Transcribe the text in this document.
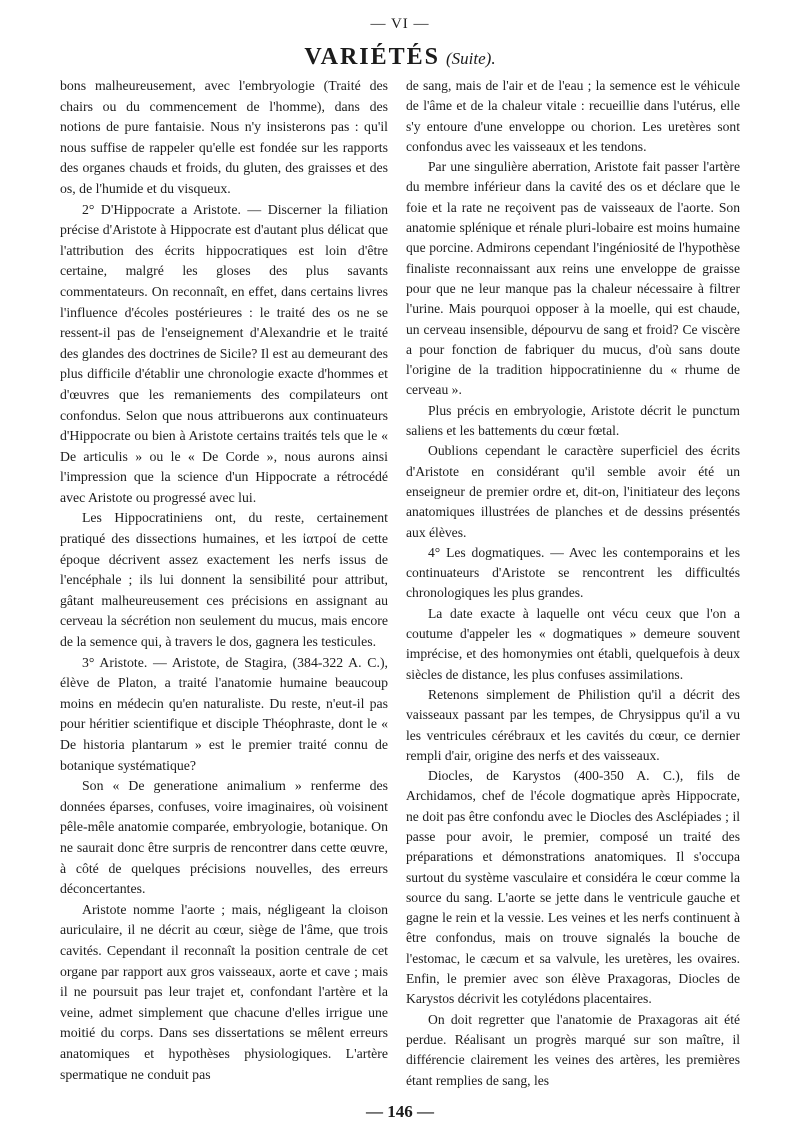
— VI —
VARIÉTÉS (Suite).

bons malheureusement, avec l'embryologie (Traité des chairs ou du commencement de l'homme), dans des notions de pure fantaisie. Nous n'y insisterons pas : qu'il nous suffise de rappeler qu'elle est fondée sur les rapports des organes chauds et froids, du gluten, des graisses et des os, de l'humide et du visqueux.

2° D'Hippocrate a Aristote. — Discerner la filiation précise d'Aristote à Hippocrate est d'autant plus délicat que l'attribution des écrits hippocratiques est loin d'être certaine, malgré les gloses des plus savants commentateurs. On reconnaît, en effet, dans certains livres l'influence d'écoles postérieures : le traité des os ne se ressent-il pas de l'enseignement d'Alexandrie et le traité des glandes des doctrines de Sicile? Il est au demeurant des plus difficile d'établir une chronologie exacte d'hommes et d'œuvres que les remaniements des compilateurs ont confondus. Selon que nous attribuerons aux continuateurs d'Hippocrate ou bien à Aristote certains traités tels que le « De articulis » ou le « De Corde », nous aurons ainsi l'impression que la science d'un Hippocrate a rétrocédé avec Aristote ou progressé avec lui.

Les Hippocratiniens ont, du reste, certainement pratiqué des dissections humaines, et les ἰατροί de cette époque décrivent assez exactement les nerfs issus de l'encéphale ; ils lui donnent la sensibilité pour attribut, gâtant malheureusement ces précisions en assignant au cerveau la sécrétion non seulement du mucus, mais encore de la semence qui, à travers le dos, gagnera les testicules.

3° Aristote. — Aristote, de Stagira, (384-322 A. C.), élève de Platon, a traité l'anatomie humaine beaucoup moins en médecin qu'en naturaliste. Du reste, n'eut-il pas pour héritier scientifique et disciple Théophraste, dont le « De historia plantarum » est le premier traité connu de botanique systématique?

Son « De generatione animalium » renferme des données éparses, confuses, voire imaginaires, où voisinent pêle-mêle anatomie comparée, embryologie, botanique. On ne saurait donc être surpris de rencontrer dans cette œuvre, à côté de quelques précisions nouvelles, des erreurs déconcertantes.

Aristote nomme l'aorte ; mais, négligeant la cloison auriculaire, il ne décrit au cœur, siège de l'âme, que trois cavités. Cependant il reconnaît la position centrale de cet organe par rapport aux gros vaisseaux, aorte et cave ; mais il ne poursuit pas leur trajet et, confondant l'artère et la veine, admet simplement que chacune d'elles irrigue une moitié du corps. Dans ses dissertations se mêlent erreurs anatomiques et hypothèses physiologiques. L'artère spermatique ne conduit pas

de sang, mais de l'air et de l'eau ; la semence est le véhicule de l'âme et de la chaleur vitale : recueillie dans l'utérus, elle s'y entoure d'une enveloppe ou chorion. Les uretères sont confondus avec les vaisseaux et les tendons.

Par une singulière aberration, Aristote fait passer l'artère du membre inférieur dans la cavité des os et déclare que le foie et la rate ne reçoivent pas de vaisseaux de l'aorte. Son anatomie splénique et rénale pluri-lobaire est moins humaine que porcine. Admirons cependant l'ingéniosité de l'hypothèse finaliste reconnaissant aux reins une enveloppe de graisse pour que ne leur manque pas la chaleur nécessaire à filtrer l'urine. Mais pourquoi opposer à la moelle, qui est chaude, un cerveau insensible, dépourvu de sang et froid? Ce viscère a pour fonction de fabriquer du mucus, d'où sans doute l'origine de la tradition hippocratinienne du « rhume de cerveau ».

Plus précis en embryologie, Aristote décrit le punctum saliens et les battements du cœur fœtal.

Oublions cependant le caractère superficiel des écrits d'Aristote en considérant qu'il semble avoir été un enseigneur de premier ordre et, dit-on, l'initiateur des leçons anatomiques illustrées de planches et de dessins présentés aux élèves.

4° Les dogmatiques. — Avec les contemporains et les continuateurs d'Aristote se rencontrent les difficultés chronologiques les plus grandes.

La date exacte à laquelle ont vécu ceux que l'on a coutume d'appeler les « dogmatiques » demeure souvent imprécise, et des homonymies ont établi, quelquefois à deux siècles de distance, les plus confuses assimilations.

Retenons simplement de Philistion qu'il a décrit des vaisseaux passant par les tempes, de Chrysippus qu'il a vu les ventricules cérébraux et les cavités du cœur, ce dernier rempli d'air, origine des nerfs et des vaisseaux.

Diocles, de Karystos (400-350 A. C.), fils de Archidamos, chef de l'école dogmatique après Hippocrate, ne doit pas être confondu avec le Diocles des Asclépiades ; il passe pour avoir, le premier, composé un traité des préparations et démonstrations anatomiques. Il s'occupa surtout du système vasculaire et considéra le cœur comme la source du sang. L'aorte se jette dans le ventricule gauche et gagne le rein et la vessie. Les veines et les nerfs continuent à être confondus, mais on trouve signalés la bouche de l'estomac, le cæcum et sa valvule, les uretères, les ovaires. Enfin, le premier avec son élève Praxagoras, Diocles de Karystos décrivit les cotylédons placentaires.

On doit regretter que l'anatomie de Praxagoras ait été perdue. Réalisant un progrès marqué sur son maître, il différencie clairement les veines des artères, les premières étant remplies de sang, les

— 146 —
